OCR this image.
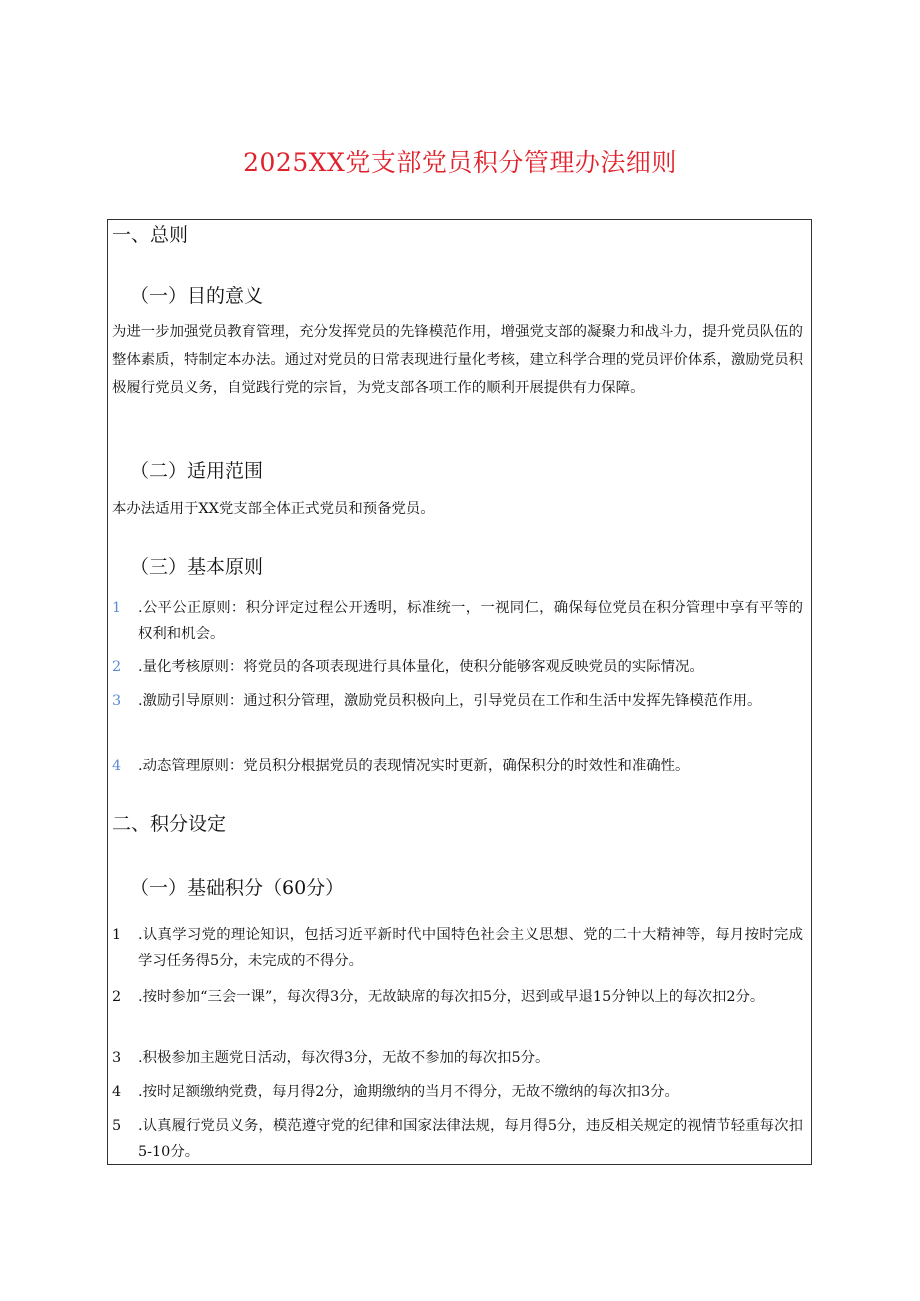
2025XX党支部党员积分管理办法细则
一、总则
（一）目的意义

为进一步加强党员教育管理，充分发挥党员的先锋模范作用，增强党支部的凝聚力和战斗力，提升党员队伍的整体素质，特制定本办法。通过对党员的日常表现进行量化考核，建立科学合理的党员评价体系，激励党员积极履行党员义务，自觉践行党的宗旨，为党支部各项工作的顺利开展提供有力保障。

（二）适用范围

本办法适用于XX党支部全体正式党员和预备党员。

（三）基本原则
1	.公平公正原则：积分评定过程公开透明，标准统一，一视同仁，确保每位党员在积分管理中享有平等的权利和机会。
2	.量化考核原则：将党员的各项表现进行具体量化，使积分能够客观反映党员的实际情况。
3	.激励引导原则：通过积分管理，激励党员积极向上，引导党员在工作和生活中发挥先锋模范作用。
4	.动态管理原则：党员积分根据党员的表现情况实时更新，确保积分的时效性和准确性。
二、积分设定
（一）基础积分（60分）
1	.认真学习党的理论知识，包括习近平新时代中国特色社会主义思想、党的二十大精神等，每月按时完成学习任务得5分，未完成的不得分。
2	.按时参加“三会一课”，每次得3分，无故缺席的每次扣5分，迟到或早退15分钟以上的每次扣2分。
3	.积极参加主题党日活动，每次得3分，无故不参加的每次扣5分。
4	.按时足额缴纳党费，每月得2分，逾期缴纳的当月不得分，无故不缴纳的每次扣3分。
5	.认真履行党员义务，模范遵守党的纪律和国家法律法规，每月得5分，违反相关规定的视情节轻重每次扣5-10分。
